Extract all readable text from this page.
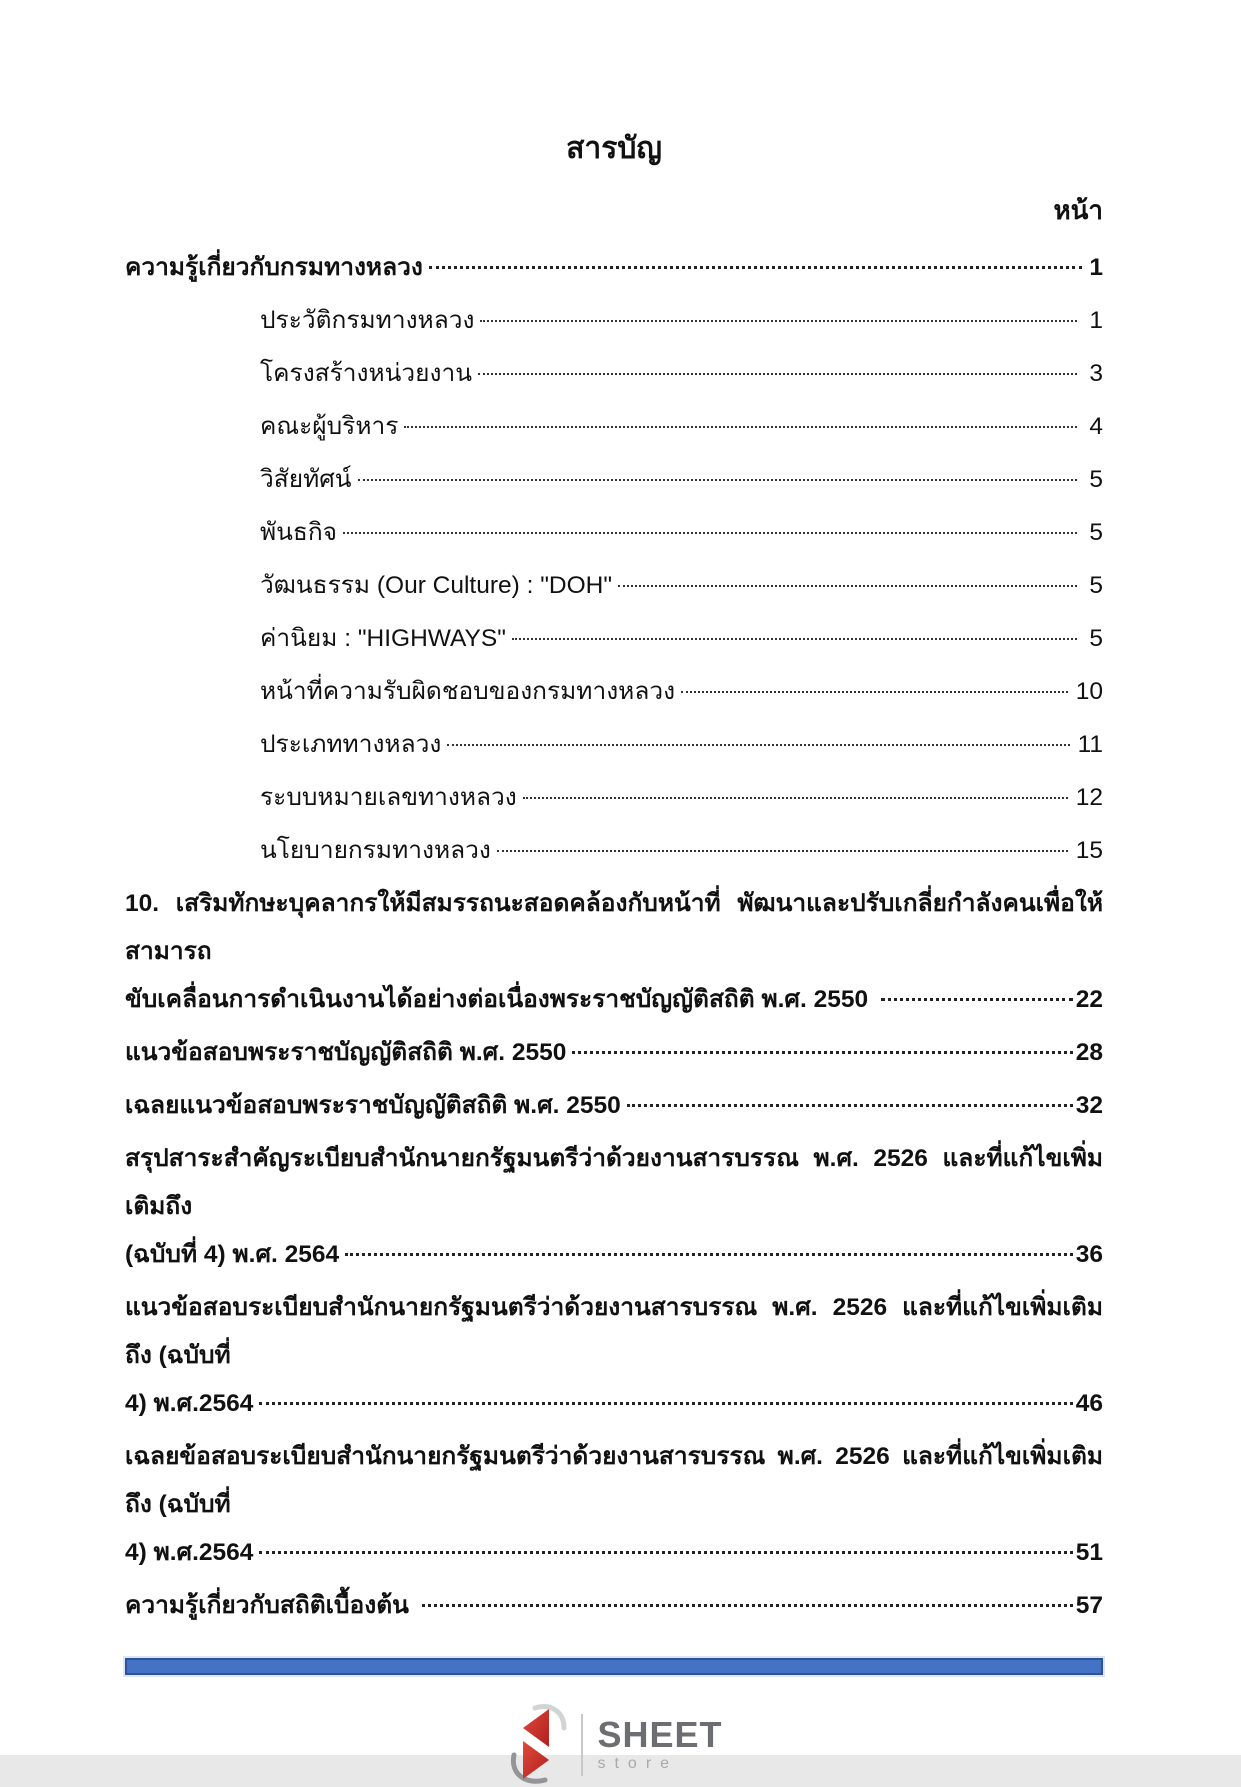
สารบัญ
หน้า
ความรู้เกี่ยวกับกรมทางหลวง	1
ประวัติกรมทางหลวง	1
โครงสร้างหน่วยงาน	3
คณะผู้บริหาร	4
วิสัยทัศน์	5
พันธกิจ	5
วัฒนธรรม (Our Culture) : "DOH"	5
ค่านิยม : "HIGHWAYS"	5
หน้าที่ความรับผิดชอบของกรมทางหลวง	10
ประเภททางหลวง	11
ระบบหมายเลขทางหลวง	12
นโยบายกรมทางหลวง	15
10. เสริมทักษะบุคลากรให้มีสมรรถนะสอดคล้องกับหน้าที่ พัฒนาและปรับเกลี่ยกำลังคนเพื่อให้สามารถ
ขับเคลื่อนการดำเนินงานได้อย่างต่อเนื่องพระราชบัญญัติสถิติ พ.ศ. 2550	22
แนวข้อสอบพระราชบัญญัติสถิติ พ.ศ. 2550	28
เฉลยแนวข้อสอบพระราชบัญญัติสถิติ พ.ศ. 2550	32
สรุปสาระสำคัญระเบียบสำนักนายกรัฐมนตรีว่าด้วยงานสารบรรณ พ.ศ. 2526 และที่แก้ไขเพิ่มเติมถึง
(ฉบับที่ 4) พ.ศ. 2564	36
แนวข้อสอบระเบียบสำนักนายกรัฐมนตรีว่าด้วยงานสารบรรณ พ.ศ. 2526 และที่แก้ไขเพิ่มเติมถึง (ฉบับที่
4) พ.ศ.2564	46
เฉลยข้อสอบระเบียบสำนักนายกรัฐมนตรีว่าด้วยงานสารบรรณ พ.ศ. 2526 และที่แก้ไขเพิ่มเติมถึง (ฉบับที่
4) พ.ศ.2564	51
ความรู้เกี่ยวกับสถิติเบื้องต้น	57
SHEET
store
